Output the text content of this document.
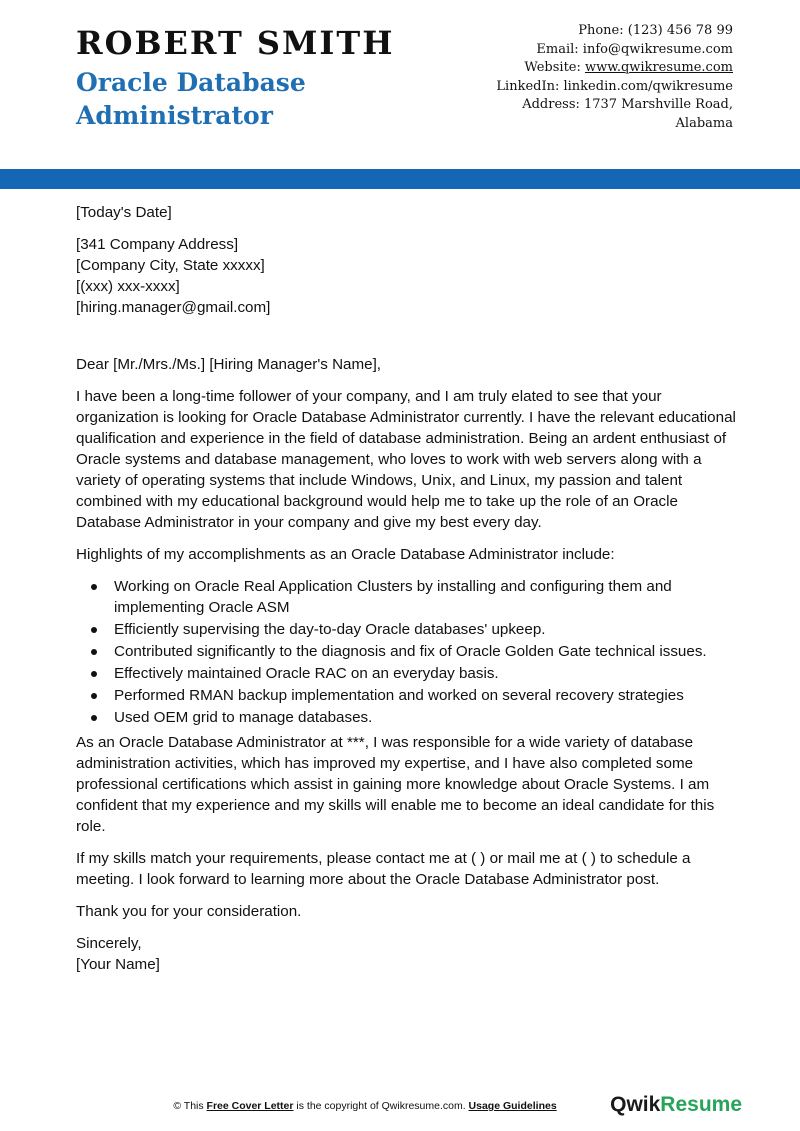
ROBERT SMITH
Oracle Database Administrator
Phone: (123) 456 78 99
Email: info@qwikresume.com
Website: www.qwikresume.com
LinkedIn: linkedin.com/qwikresume
Address: 1737 Marshville Road,
Alabama

[Today's Date]

[341 Company Address]

[Company City, State xxxxx]

[(xxx) xxx-xxxx]

[hiring.manager@gmail.com]

Dear [Mr./Mrs./Ms.] [Hiring Manager's Name],

I have been a long-time follower of your company, and I am truly elated to see that your organization is looking for Oracle Database Administrator currently. I have the relevant educational qualification and experience in the field of database administration. Being an ardent enthusiast of Oracle systems and database management, who loves to work with web servers along with a variety of operating systems that include Windows, Unix, and Linux, my passion and talent combined with my educational background would help me to take up the role of an Oracle Database Administrator in your company and give my best every day.

Highlights of my accomplishments as an Oracle Database Administrator include:

Working on Oracle Real Application Clusters by installing and configuring them and implementing Oracle ASM
Efficiently supervising the day-to-day Oracle databases' upkeep.
Contributed significantly to the diagnosis and fix of Oracle Golden Gate technical issues.
Effectively maintained Oracle RAC on an everyday basis.
Performed RMAN backup implementation and worked on several recovery strategies
Used OEM grid to manage databases.

As an Oracle Database Administrator at ***, I was responsible for a wide variety of database administration activities, which has improved my expertise, and I have also completed some professional certifications which assist in gaining more knowledge about Oracle Systems. I am confident that my experience and my skills will enable me to become an ideal candidate for this role.

If my skills match your requirements, please contact me at ( ) or mail me at ( ) to schedule a meeting. I look forward to learning more about the Oracle Database Administrator post.

Thank you for your consideration.

Sincerely,

[Your Name]

© This Free Cover Letter is the copyright of Qwikresume.com. Usage Guidelines	QwikResume
